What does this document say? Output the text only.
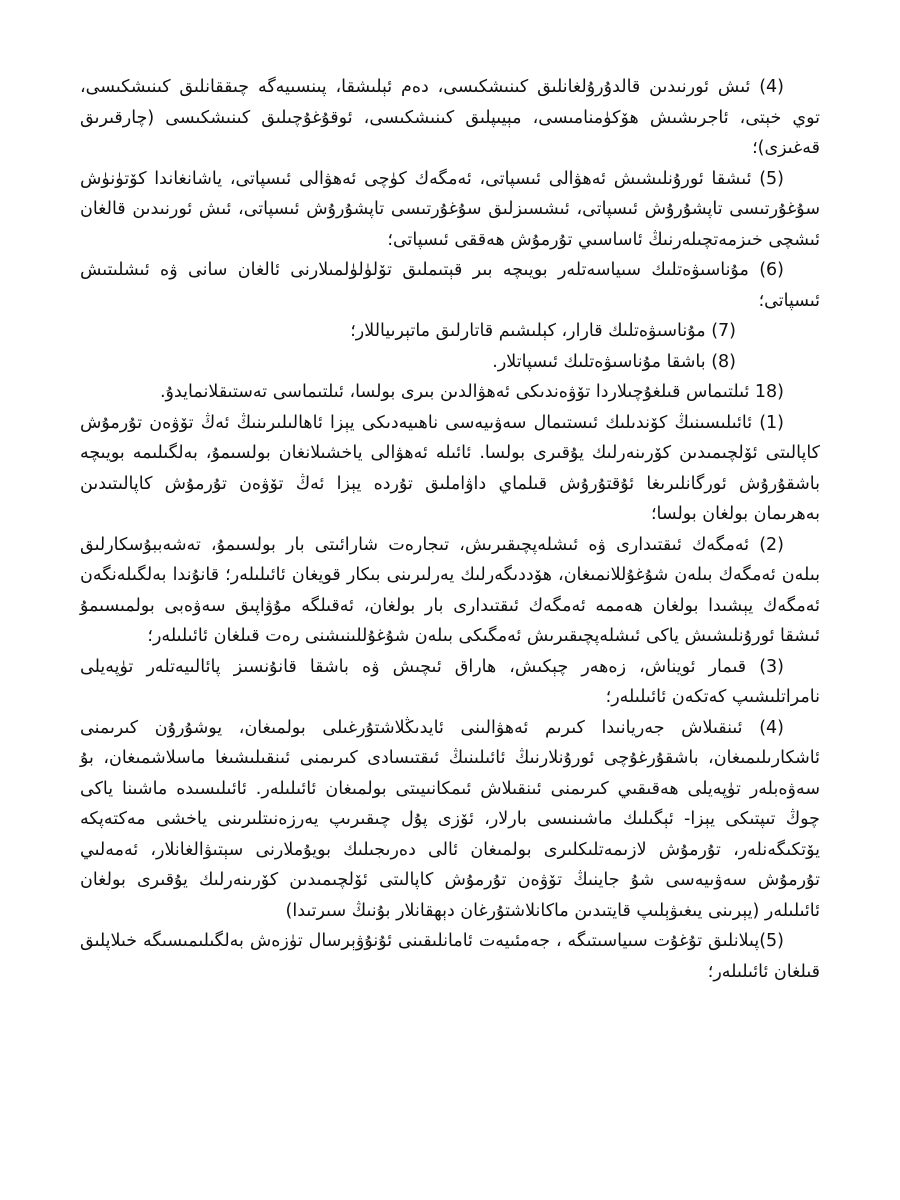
(4) ئىش ئورنىدىن قالدۇرۇلغانلىق كىنىشكىسى، دەم ئېلىشقا، پىنسىيەگە چىققانلىق كىنىشكىسى، توي خېتى، ئاجرىشىش ھۆكۈمنامىسى، مېيىپلىق كىنىشكىسى، ئوقۇغۇچىلىق كىنىشكىسى (چارقىرىق قەغىزى)؛

(5) ئىشقا ئورۇنلىشىش ئەھۋالى ئىسپاتى، ئەمگەك كۈچى ئەھۋالى ئىسپاتى، ياشانغاندا كۆتۈنۈش سۇغۇرتىسى تاپشۇرۇش ئىسپاتى، ئىشسىزلىق سۇغۇرتىسى تاپشۇرۇش ئىسپاتى، ئىش ئورنىدىن قالغان ئىشچى خىزمەتچىلەرنىڭ ئاساسىي تۇرمۇش ھەققى ئىسپاتى؛

(6) مۇناسىۋەتلىك سىياسەتلەر بويىچە بىر قېتىملىق تۆلۈلۈلمىلارنى ئالغان سانى ۋە ئىشلىتىش ئىسپاتى؛

(7) مۇناسىۋەتلىك قارار، كېلىشىم قاتارلىق ماتېرىياللار؛

(8) باشقا مۇناسىۋەتلىك ئىسپاتلار.

(18 ئىلتىماس قىلغۇچىلاردا تۆۋەندىكى ئەھۋالدىن بىرى بولسا، ئىلتىماسى تەستىقلانمايدۇ.

(1) ئائىلىسىنىڭ كۆندىلىك ئىستىمال سەۋىيەسى ناھىيەدىكى يېزا ئاھالىلىرىنىڭ ئەڭ تۆۋەن تۇرمۇش كاپالىتى ئۆلچىمىدىن كۆرىنەرلىك يۇقىرى بولسا. ئائىلە ئەھۋالى ياخشىلانغان بولسىمۇ، بەلگىلىمە بويىچە باشقۇرۇش ئورگانلىرىغا ئۇقتۇرۇش قىلماي داۋاملىق تۇردە يېزا ئەڭ تۆۋەن تۇرمۇش كاپالىتىدىن بەھرىمان بولغان بولسا؛

(2) ئەمگەك ئىقتىدارى ۋە ئىشلەپچىقىرىش، تىجارەت شارائىتى بار بولسىمۇ، تەشەببۇسكارلىق بىلەن ئەمگەك بىلەن شۇغۇللانمىغان، ھۆددىگەرلىك يەرلىرىنى بىكار قويغان ئائىلىلەر؛ قانۇندا بەلگىلەنگەن ئەمگەك يېشىدا بولغان ھەممە ئەمگەك ئىقتىدارى بار بولغان، ئەقىلگە مۇۋاپىق سەۋەبى بولمىسىمۇ ئىشقا ئورۇنلىشىش ياكى ئىشلەپچىقىرىش ئەمگىكى بىلەن شۇغۇللىنىشنى رەت قىلغان ئائىلىلەر؛

(3) قىمار ئويناش، زەھەر چېكىش، ھاراق ئىچىش ۋە باشقا قانۇنسىز پائالىيەتلەر تۈپەيلى نامراتلىشىپ كەتكەن ئائىلىلەر؛

(4) ئىنقىلاش جەريانىدا كىرىم ئەھۋالىنى ئايدىڭلاشتۇرغىلى بولمىغان، يوشۇرۇن كىرىمنى ئاشكارىلىمىغان، باشقۇرغۇچى ئورۇنلارنىڭ ئائىلىنىڭ ئىقتىسادى كىرىمنى ئىنقىلىشىغا ماسلاشمىغان، بۇ سەۋەبلەر تۈپەيلى ھەقىقىي كىرىمنى ئىنقىلاش ئىمكانىيىتى بولمىغان ئائىلىلەر. ئائىلىسىدە ماشىنا ياكى چوڭ تىپتىكى يېزا- ئېگىلىك ماشىنىسى بارلار، ئۆزى پۇل چىقىرىپ يەرزەنىتلىرىنى ياخشى مەكتەپكە يۆتكىگەنلەر، تۇرمۇش لازىمەتلىكلىرى بولمىغان ئالى دەرىجىلىك بويۇملارنى سېتىۋالغانلار، ئەمەلىي تۇرمۇش سەۋىيەسى شۇ جاينىڭ تۆۋەن تۇرمۇش كاپالىتى ئۆلچىمىدىن كۆرىنەرلىك يۇقىرى بولغان ئائىلىلەر (يېرىنى يىغىۋېلىپ قايتىدىن ماكانلاشتۇرغان دېھقانلار بۇنىڭ سىرتىدا)

(5)پىلانلىق تۇغۇت سىياسىتىگە ، جەمئىيەت ئامانلىقىنى ئۇنۇۋېرسال تۈزەش بەلگىلىمىسىگە خىلاپلىق قىلغان ئائىلىلەر؛
